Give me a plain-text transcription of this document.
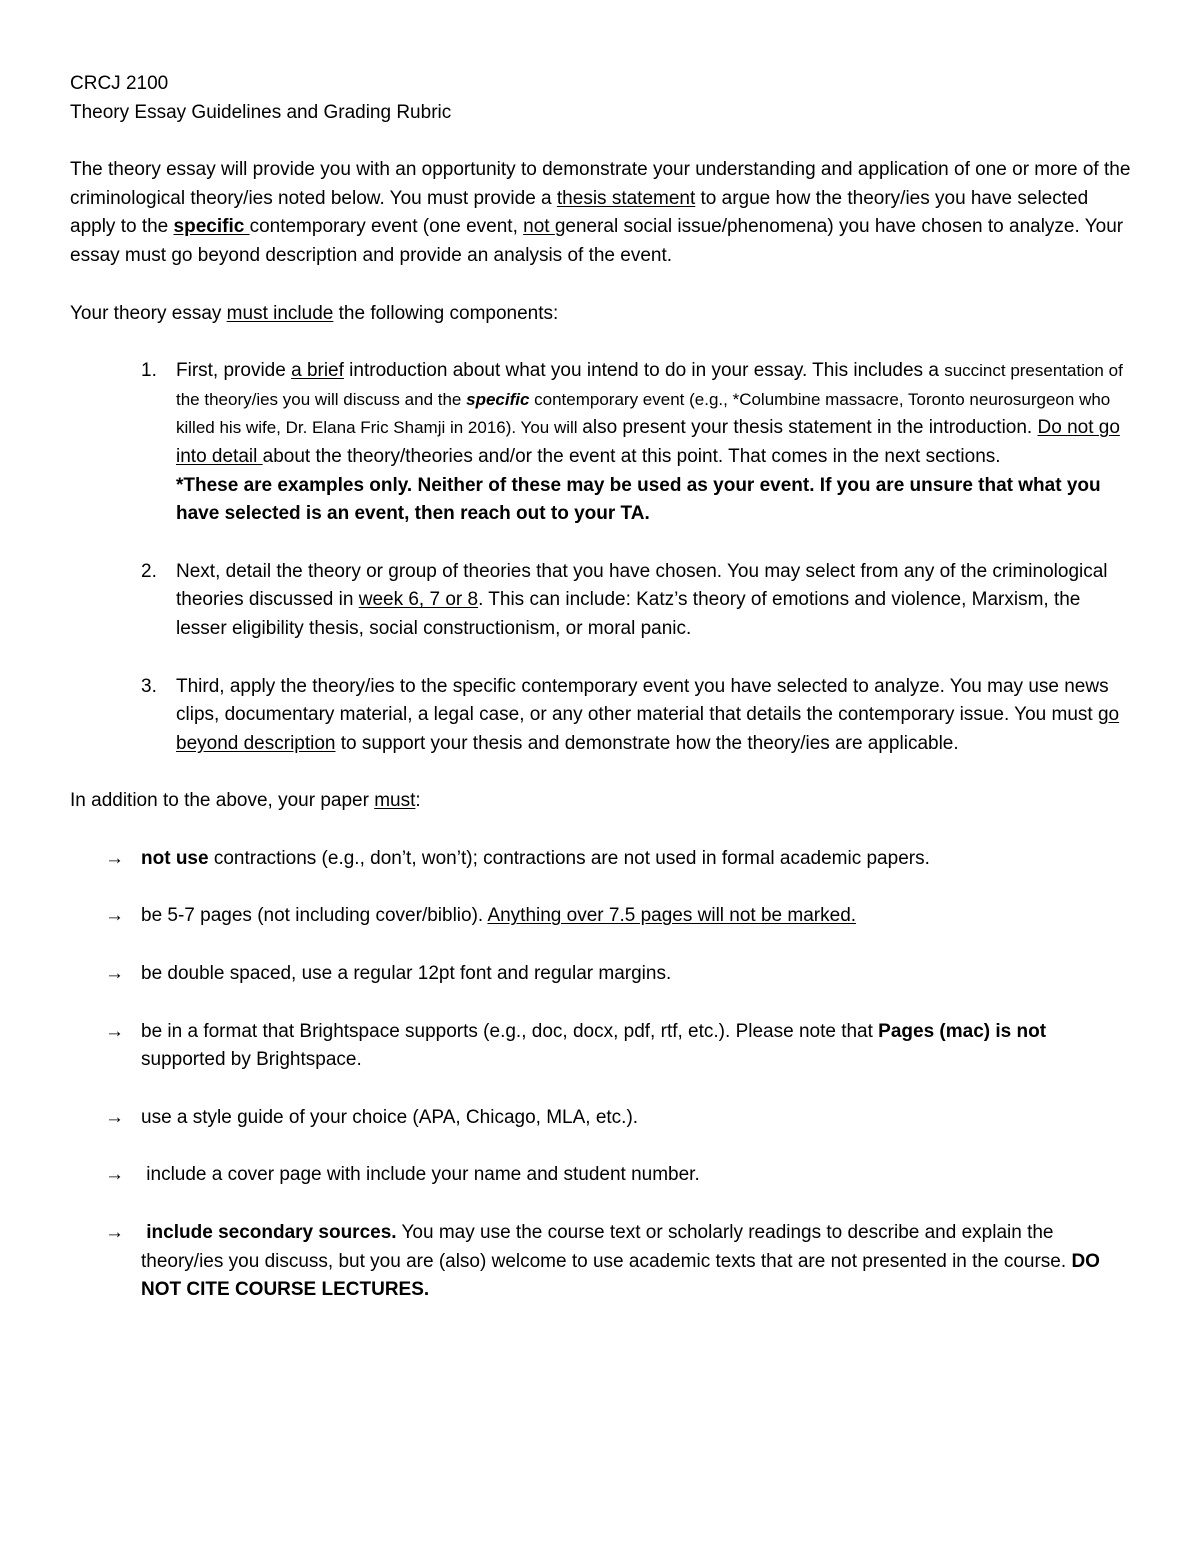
CRCJ 2100

Theory Essay Guidelines and Grading Rubric

The theory essay will provide you with an opportunity to demonstrate your understanding and application of one or more of the criminological theory/ies noted below. You must provide a thesis statement to argue how the theory/ies you have selected apply to the specific contemporary event (one event, not general social issue/phenomena) you have chosen to analyze. Your essay must go beyond description and provide an analysis of the event.

Your theory essay must include the following components:

1.	First, provide a brief introduction about what you intend to do in your essay. This includes a succinct presentation of the theory/ies you will discuss and the specific contemporary event (e.g., *Columbine massacre, Toronto neurosurgeon who killed his wife, Dr. Elana Fric Shamji in 2016). You will also present your thesis statement in the introduction. Do not go into detail about the theory/theories and/or the event at this point. That comes in the next sections.

*These are examples only. Neither of these may be used as your event. If you are unsure that what you have selected is an event, then reach out to your TA.

2.	Next, detail the theory or group of theories that you have chosen. You may select from any of the criminological theories discussed in week 6, 7 or 8. This can include: Katz’s theory of emotions and violence, Marxism, the lesser eligibility thesis, social constructionism, or moral panic.

3.	Third, apply the theory/ies to the specific contemporary event you have selected to analyze. You may use news clips, documentary material, a legal case, or any other material that details the contemporary issue. You must go beyond description to support your thesis and demonstrate how the theory/ies are applicable.

In addition to the above, your paper must:

→ not use contractions (e.g., don’t, won’t); contractions are not used in formal academic papers.

→ be 5-7 pages (not including cover/biblio). Anything over 7.5 pages will not be marked.

→ be double spaced, use a regular 12pt font and regular margins.

→ be in a format that Brightspace supports (e.g., doc, docx, pdf, rtf, etc.). Please note that Pages (mac) is not supported by Brightspace.

→ use a style guide of your choice (APA, Chicago, MLA, etc.).

→ include a cover page with include your name and student number.

→ include secondary sources. You may use the course text or scholarly readings to describe and explain the theory/ies you discuss, but you are (also) welcome to use academic texts that are not presented in the course. DO NOT CITE COURSE LECTURES.
